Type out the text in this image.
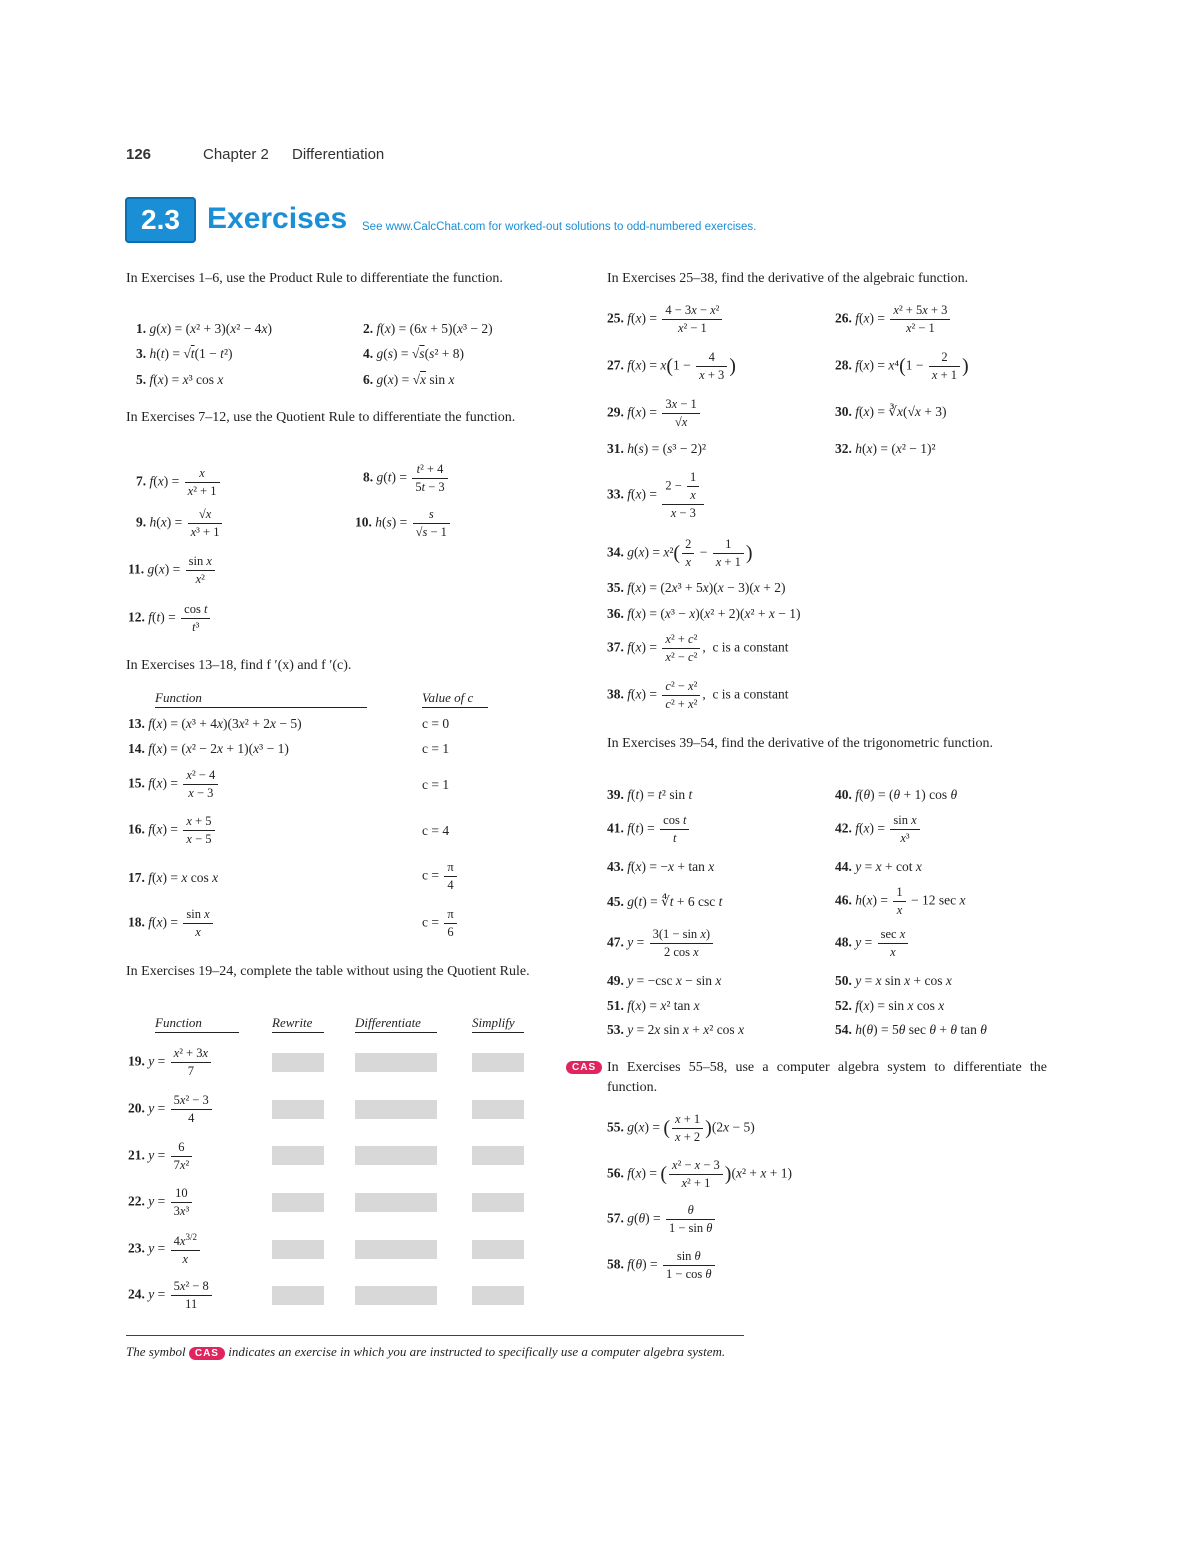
126	Chapter 2 Differentiation
2.3 Exercises See www.CalcChat.com for worked-out solutions to odd-numbered exercises.
In Exercises 1–6, use the Product Rule to differentiate the function.
1. g(x) = (x² + 3)(x² − 4x)	2. f(x) = (6x + 5)(x³ − 2)
3. h(t) = √t(1 − t²)	4. g(s) = √s(s² + 8)
5. f(x) = x³ cos x	6. g(x) = √x sin x
In Exercises 7–12, use the Quotient Rule to differentiate the function.
7. $f(x) = \frac{x}{\text{x² + 1}}$	8. $g(t) = \frac{\text{t² + 4}}{5t - 3}$
9. $h(x) = \frac{√x}{\text{x³ + 1}}$	10. $h(s) = \frac{s}{√s - 1}$
11. $g(x) = \frac{\text{sin x}}{\text{x²}}$
12. $f(t) = \frac{\text{cos t}}{\text{t³}}$
In Exercises 13–18, find f ′(x) and f ′(c).
Function	Value of c
13. f(x) = (x³ + 4x)(3x² + 2x − 5)	c = 0
14. f(x) = (x² − 2x + 1)(x³ − 1)	c = 1
15. $f(x) = \frac{\text{x² − 4}}{x - 3}$	c = 1
16. $f(x) = \frac{x + 5}{x - 5}$	c = 4
17. f(x) = x cos x	$c = \frac{\pi}{4}$
18. $f(x) = \frac{\text{sin x}}{x}$	$c = \frac{\pi}{6}$
In Exercises 19–24, complete the table without using the Quotient Rule.
Function	Rewrite	Differentiate	Simplify
19. $y = \frac{\text{x² + 3x}}{7}$
20. $y = \frac{\text{5x² − 3}}{4}$
21. $y = \frac{6}{\text{7x²}}$
22. $y = \frac{10}{\text{3x³}}$
23. $y = \frac{4x^{3/2}}{x}$
24. $y = \frac{\text{5x² − 8}}{11}$
In Exercises 25–38, find the derivative of the algebraic function.
25. $f(x) = \frac{\text{4 − 3x − x²}}{\text{x² − 1}}$	26. $f(x) = \frac{\text{x² + 5x + 3}}{\text{x² − 1}}$
27. $f(x) = x(1 - \frac{4}{x + 3}$ )	28. $f(x) = x^4(1 - \frac{2}{x + 1}$ )
29. $f(x) = \frac{3x - 1}{√x}$	30. f(x) = ∛x(√x + 3)
31. h(s) = (s³ − 2)²	32. h(x) = (x² − 1)²
33. $f(x) = \frac{2 - \frac{1}{x}}{x - 3}$
34. $g(x) = x^2( \frac{2}{x} - \frac{1}{x + 1}$ )
35. f(x) = (2x³ + 5x)(x − 3)(x + 2)
36. f(x) = (x³ − x)(x² + 2)(x² + x − 1)
37. $f(x) = \frac{\text{x² + c²}}{\text{x² − c²}}$ ,  c is a constant
38. $f(x) = \frac{\text{c² − x²}}{\text{c² + x²}}$ ,  c is a constant
In Exercises 39–54, find the derivative of the trigonometric function.
39. f(t) = t² sin t	40. f(θ) = (θ + 1) cos θ
41. $f(t) = \frac{\text{cos t}}{t}$	42. $f(x) = \frac{\text{sin x}}{\text{x³}}$
43. f(x) = −x + tan x	44. y = x + cot x
45. g(t) = ∜t + 6 csc t	46. $h(x) = \frac{1}{x} - 12$ sec x
47. $y = \frac{\text{3(1 − sin x)}}{\text{2 cos x}}$	48. $y = \frac{\text{sec x}}{x}$
49. y = −csc x − sin x	50. y = x sin x + cos x
51. f(x) = x² tan x	52. f(x) = sin x cos x
53. y = 2x sin x + x² cos x	54. h(θ) = 5θ sec θ + θ tan θ
CAS In Exercises 55–58, use a computer algebra system to differentiate the function.
55. g(x) = ( $\frac{x + 1}{x + 2} )(2x - 5)$
56. f(x) = ( $\frac{\text{x² − x − 3}}{\text{x² + 1}} )(x^2 + x + 1)$
57. $g(\theta) = \frac{\theta}{\text{1 − sin θ}}$
58. $f(\theta) = \frac{\text{sin θ}}{\text{1 − cos θ}}$
The symbol CAS indicates an exercise in which you are instructed to specifically use a computer algebra system.
